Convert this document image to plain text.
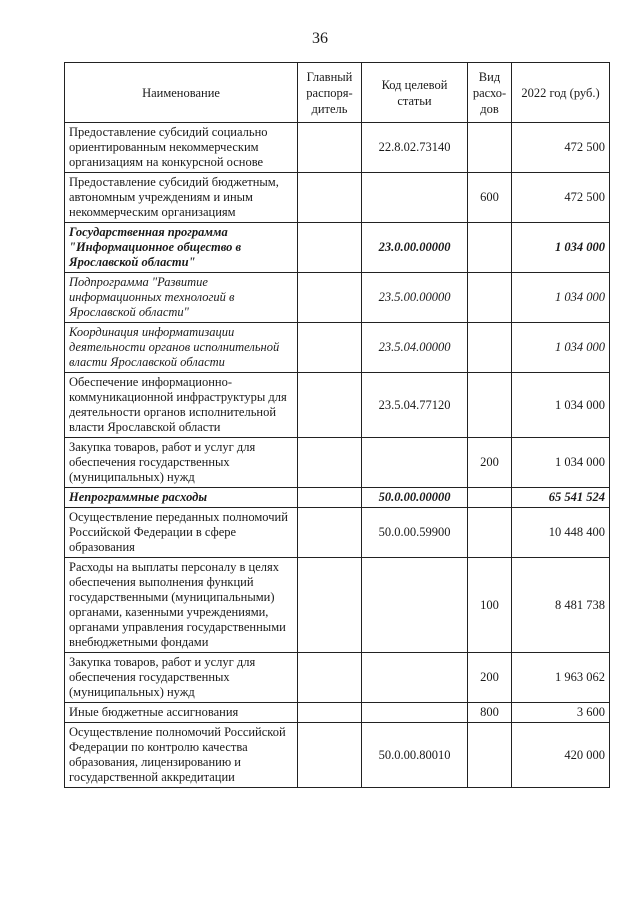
36
Наименование	Главный распоря-дитель	Код целевой статьи	Вид расхо-дов	2022 год (руб.)
Предоставление субсидий социально ориентированным некоммерческим организациям на конкурсной основе		22.8.02.73140		472 500
Предоставление субсидий бюджетным, автономным учреждениям и иным некоммерческим организациям			600	472 500
Государственная программа "Информационное общество в Ярославской области"		23.0.00.00000		1 034 000
Подпрограмма "Развитие информационных технологий в Ярославской области"		23.5.00.00000		1 034 000
Координация информатизации деятельности органов исполнительной власти Ярославской области		23.5.04.00000		1 034 000
Обеспечение информационно-коммуникационной инфраструктуры для деятельности органов исполнительной власти Ярославской области		23.5.04.77120		1 034 000
Закупка товаров, работ и услуг для обеспечения государственных (муниципальных) нужд			200	1 034 000
Непрограммные расходы		50.0.00.00000		65 541 524
Осуществление переданных полномочий Российской Федерации в сфере образования		50.0.00.59900		10 448 400
Расходы на выплаты персоналу в целях обеспечения выполнения функций государственными (муниципальными) органами, казенными учреждениями, органами управления государственными внебюджетными фондами			100	8 481 738
Закупка товаров, работ и услуг для обеспечения государственных (муниципальных) нужд			200	1 963 062
Иные бюджетные ассигнования			800	3 600
Осуществление полномочий Российской Федерации по контролю качества образования, лицензированию и государственной аккредитации		50.0.00.80010		420 000
